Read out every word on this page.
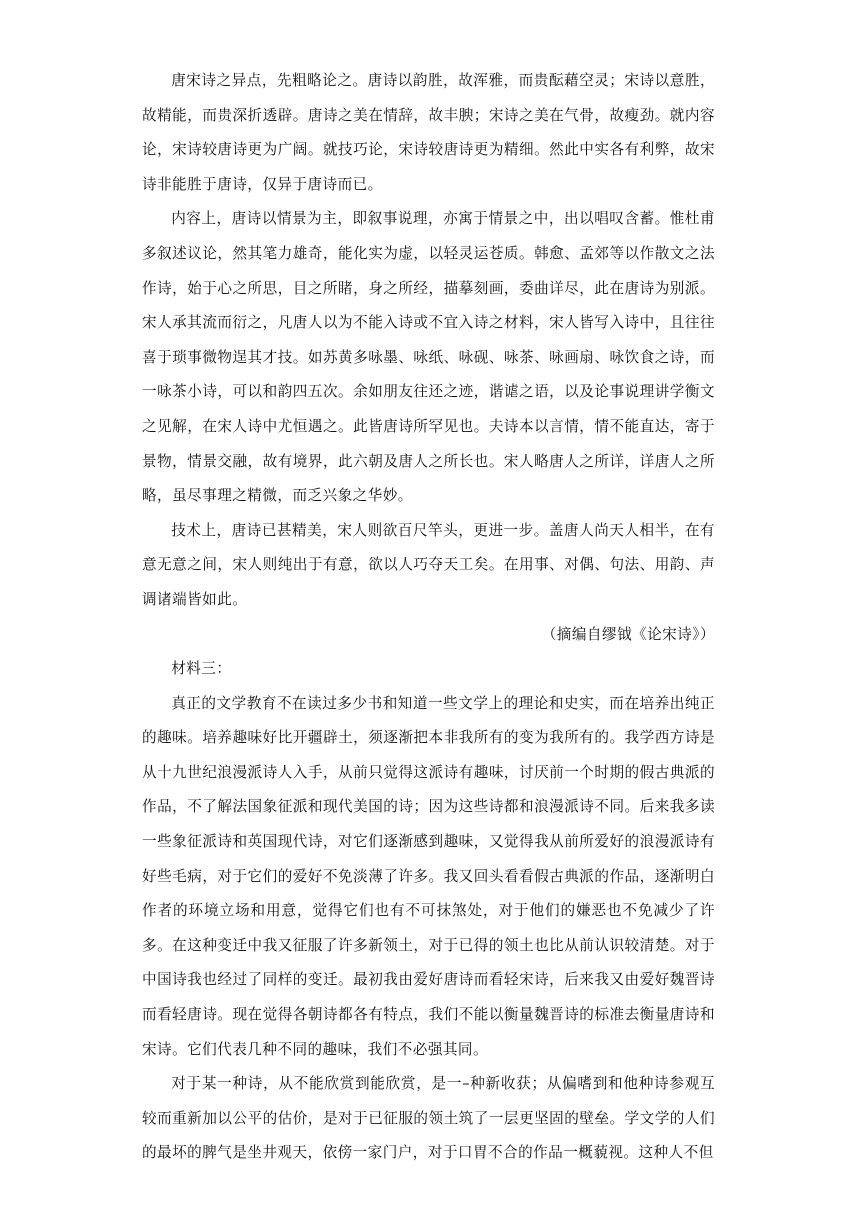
唐宋诗之异点，先粗略论之。唐诗以韵胜，故浑雅，而贵酝藉空灵；宋诗以意胜，故精能，而贵深折透辟。唐诗之美在情辞，故丰腴；宋诗之美在气骨，故瘦劲。就内容论，宋诗较唐诗更为广阔。就技巧论，宋诗较唐诗更为精细。然此中实各有利弊，故宋诗非能胜于唐诗，仅异于唐诗而已。

内容上，唐诗以情景为主，即叙事说理，亦寓于情景之中，出以唱叹含蓄。惟杜甫多叙述议论，然其笔力雄奇，能化实为虚，以轻灵运苍质。韩愈、孟郊等以作散文之法作诗，始于心之所思，目之所睹，身之所经，描摹刻画，委曲详尽，此在唐诗为别派。宋人承其流而衍之，凡唐人以为不能入诗或不宜入诗之材料，宋人皆写入诗中，且往往喜于琐事微物逞其才技。如苏黄多咏墨、咏纸、咏砚、咏茶、咏画扇、咏饮食之诗，而一咏茶小诗，可以和韵四五次。余如朋友往还之迹，谐谑之语，以及论事说理讲学衡文之见解，在宋人诗中尤恒遇之。此皆唐诗所罕见也。夫诗本以言情，情不能直达，寄于景物，情景交融，故有境界，此六朝及唐人之所长也。宋人略唐人之所详，详唐人之所略，虽尽事理之精微，而乏兴象之华妙。

技术上，唐诗已甚精美，宋人则欲百尺竿头，更进一步。盖唐人尚天人相半，在有意无意之间，宋人则纯出于有意，欲以人巧夺天工矣。在用事、对偶、句法、用韵、声调诸端皆如此。

（摘编自缪钺《论宋诗》）

材料三：

真正的文学教育不在读过多少书和知道一些文学上的理论和史实，而在培养出纯正的趣味。培养趣味好比开疆辟土，须逐渐把本非我所有的变为我所有的。我学西方诗是从十九世纪浪漫派诗人入手，从前只觉得这派诗有趣味，讨厌前一个时期的假古典派的作品，不了解法国象征派和现代美国的诗；因为这些诗都和浪漫派诗不同。后来我多读一些象征派诗和英国现代诗，对它们逐渐感到趣味，又觉得我从前所爱好的浪漫派诗有好些毛病，对于它们的爱好不免淡薄了许多。我又回头看看假古典派的作品，逐渐明白作者的环境立场和用意，觉得它们也有不可抹煞处，对于他们的嫌恶也不免减少了许多。在这种变迁中我又征服了许多新领土，对于已得的领土也比从前认识较清楚。对于中国诗我也经过了同样的变迁。最初我由爱好唐诗而看轻宋诗，后来我又由爱好魏晋诗而看轻唐诗。现在觉得各朝诗都各有特点，我们不能以衡量魏晋诗的标准去衡量唐诗和宋诗。它们代表几种不同的趣味，我们不必强其同。

对于某一种诗，从不能欣赏到能欣赏，是一–种新收获；从偏嗜到和他种诗参观互较而重新加以公平的估价，是对于已征服的领土筑了一层更坚固的壁垒。学文学的人们的最坏的脾气是坐井观天，依傍一家门户，对于口胃不合的作品一概藐视。这种人不但
